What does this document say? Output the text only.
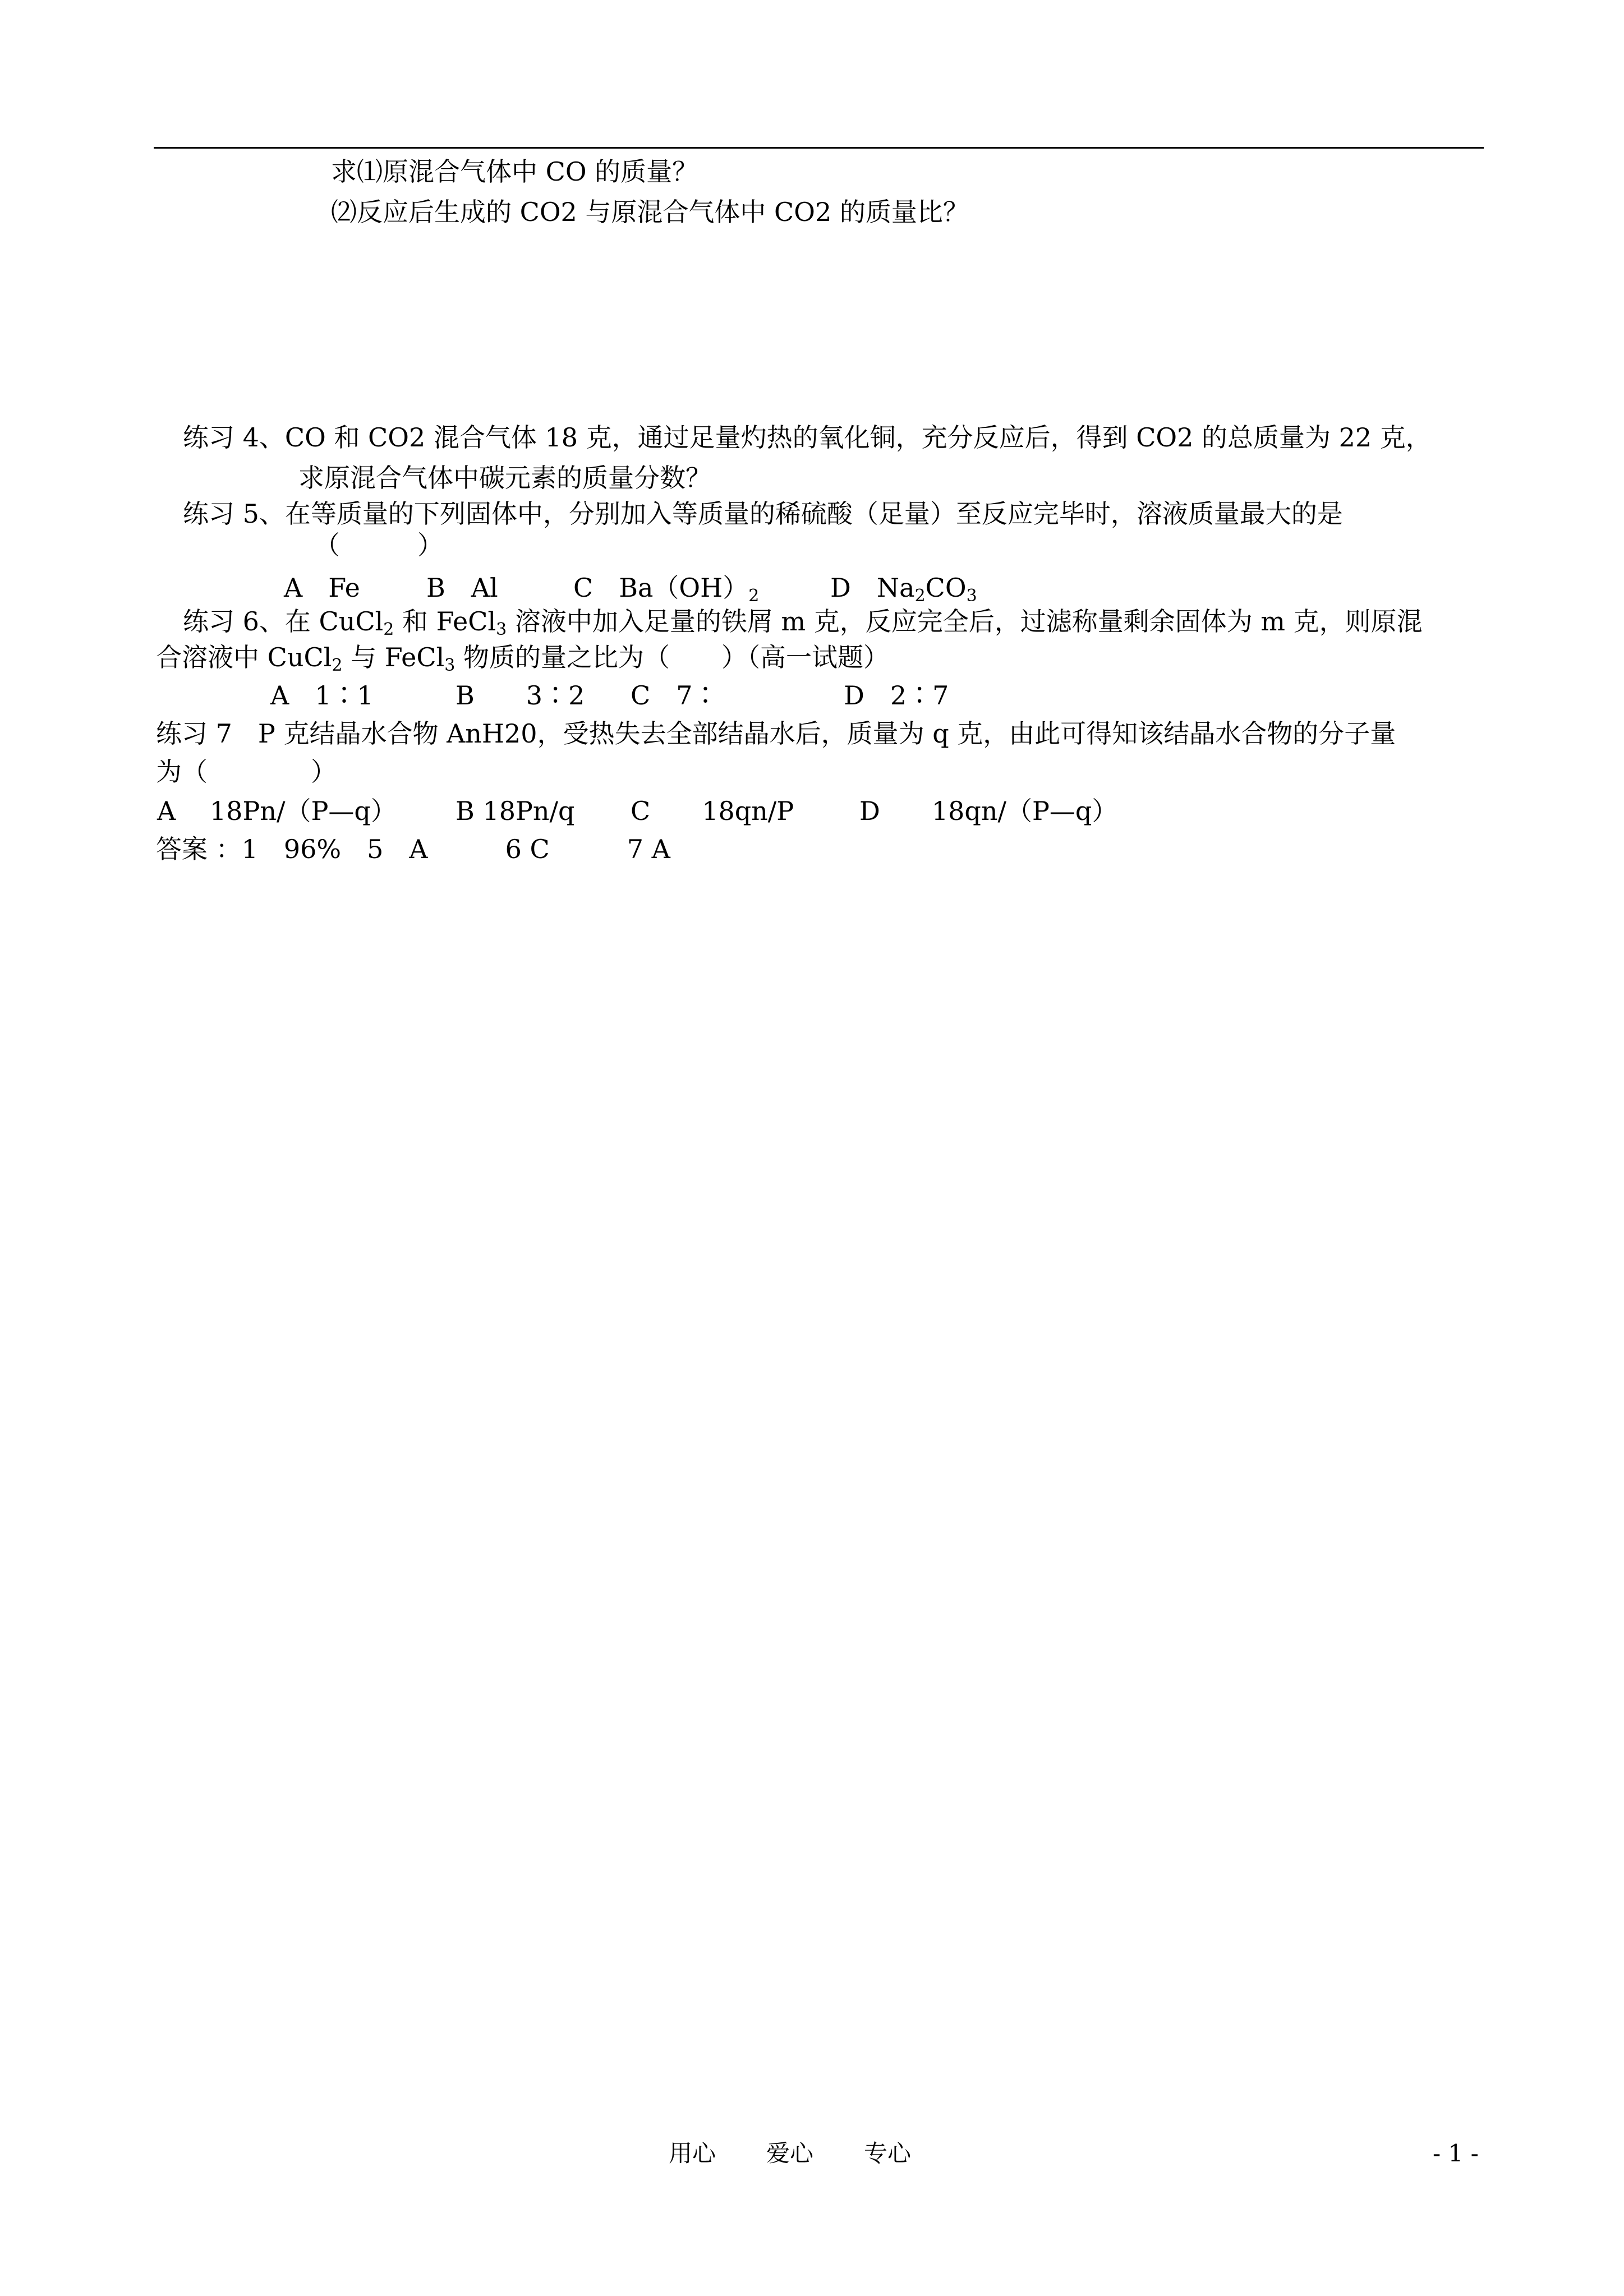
求⑴原混合气体中 CO 的质量？
⑵反应后生成的 CO2 与原混合气体中 CO2 的质量比？
练习 4、CO 和 CO2 混合气体 18 克，通过足量灼热的氧化铜，充分反应后，得到 CO2 的总质量为 22 克，
求原混合气体中碳元素的质量分数？
练习 5、在等质量的下列固体中，分别加入等质量的稀硫酸（足量）至反应完毕时，溶液质量最大的是
（　　　）
A　Fe	B　Al	C　$Ba(OH)_2$	D　$Na_2CO_3$
练习 6、在 CuCl$_2$ 和 FeCl$_3$ 溶液中加入足量的铁屑 m 克，反应完全后，过滤称量剩余固体为 m 克，则原混
合溶液中 CuCl$_2$ 与 FeCl$_3$ 物质的量之比为（　　）（高一试题）
A　1∶1	B　　3∶2 C　7∶	D　2∶7
练习 7　P 克结晶水合物 AnH20，受热失去全部结晶水后，质量为 q 克，由此可得知该结晶水合物的分子量
为（　　　　）
A　 18Pn/（P—q） B 18Pn/q C　　18qn/P	D　　18qn/（P—q）
答案 ：1　96%　5　A　　　6 C　　　7 A
用心 爱心 专心	- 1 -
